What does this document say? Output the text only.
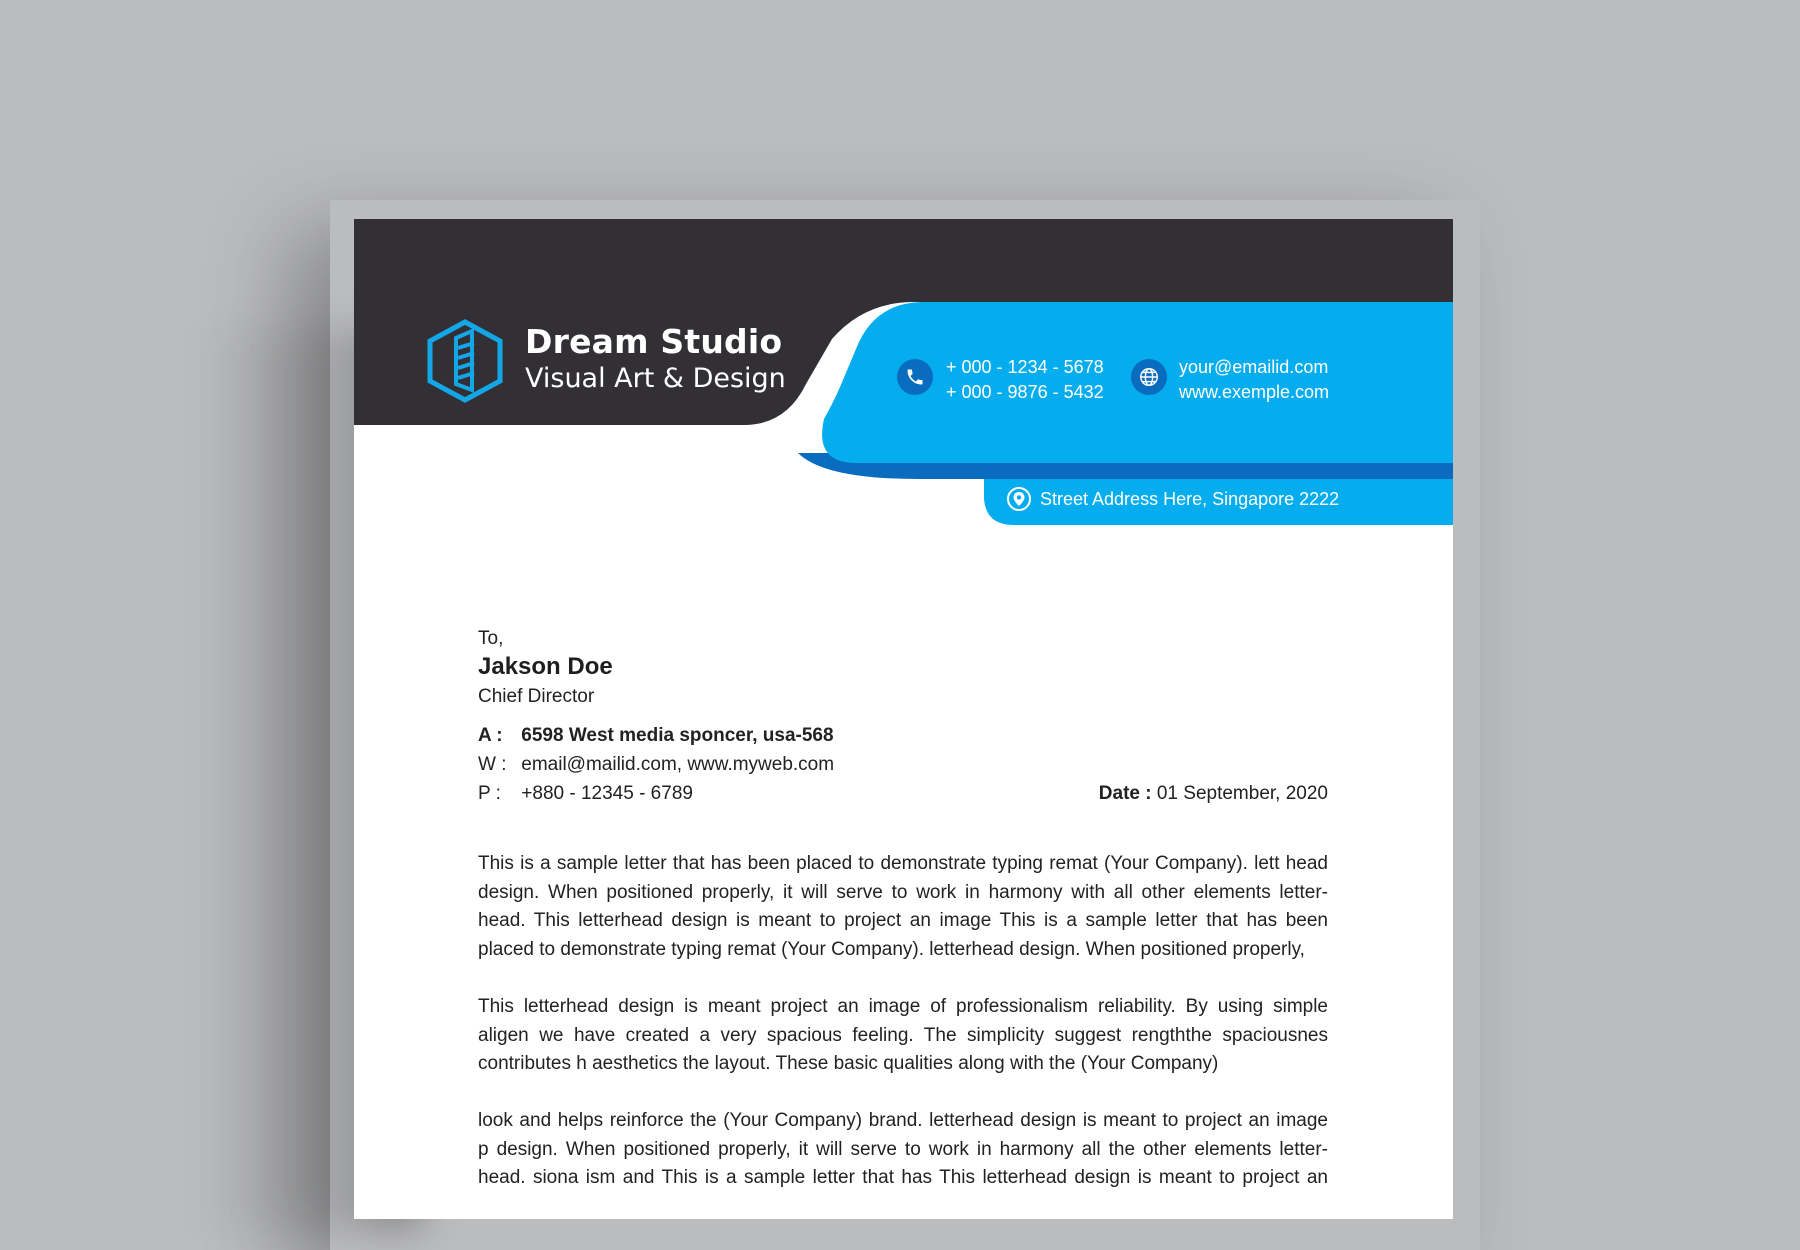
Dream Studio
Visual Art & Design	+ 000 - 1234 - 5678
+ 000 - 9876 - 5432
your@emailid.com
www.exemple.com
Street Address Here, Singapore 2222
To,
Jakson Doe
Chief Director
A : 6598 West media sponcer, usa-568
W : email@mailid.com, www.myweb.com
P : +880 - 12345 - 6789	Date : 01 September, 2020
This is a sample letter that has been placed to demonstrate typing remat (Your Company). lett head
design. When positioned properly, it will serve to work in harmony with all other elements letter-
head. This letterhead design is meant to project an image This is a sample letter that has been
placed to demonstrate typing remat (Your Company). letterhead design. When positioned properly,
This letterhead design is meant project an image of professionalism reliability. By using simple
aligen we have created a very spacious feeling. The simplicity suggest rengththe spaciousnes
contributes h aesthetics the layout. These basic qualities along with the (Your Company)
look and helps reinforce the (Your Company) brand. letterhead design is meant to project an image
p design. When positioned properly, it will serve to work in harmony all the other elements letter-
head. siona ism and This is a sample letter that has This letterhead design is meant to project an
